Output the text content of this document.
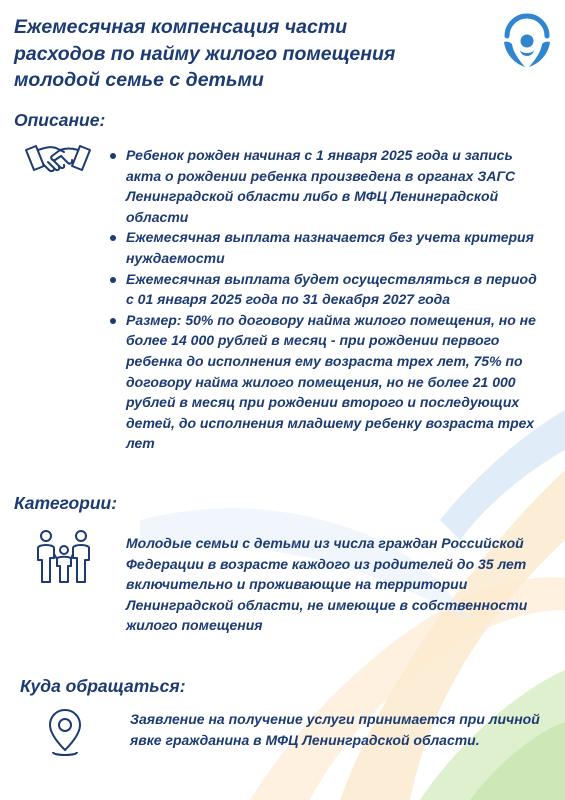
Ежемесячная компенсация части
расходов по найму жилого помещения
молодой семье с детьми
Описание:
Ребенок рожден начиная с 1 января 2025 года и запись акта о рождении ребенка произведена в органах ЗАГС Ленинградской области либо в МФЦ Ленинградской области
Ежемесячная выплата назначается без учета критерия нуждаемости
Ежемесячная выплата будет осуществляться в период с 01 января 2025 года по 31 декабря 2027 года
Размер: 50% по договору найма жилого помещения, но не более 14 000 рублей в месяц - при рождении первого ребенка до исполнения ему возраста трех лет, 75% по договору найма жилого помещения, но не более 21 000 рублей в месяц при рождении второго и последующих детей, до исполнения младшему ребенку возраста трех лет
Категории:

Молодые семьи с детьми из числа граждан Российской Федерации в возрасте каждого из родителей до 35 лет включительно и проживающие на территории Ленинградской области, не имеющие в собственности жилого помещения

Куда обращаться:

Заявление на получение услуги принимается при личной явке гражданина в МФЦ Ленинградской области.
